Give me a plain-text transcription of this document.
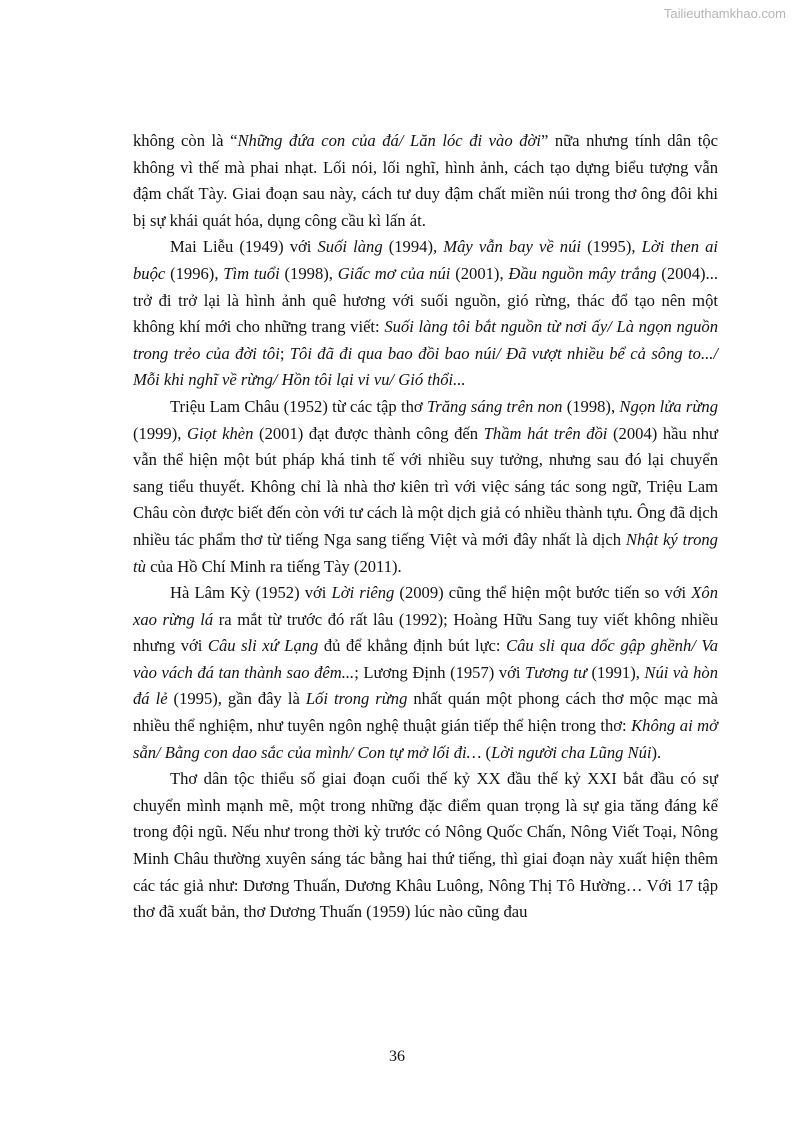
Tailieuthamkhao.com

không còn là “Những đứa con của đá/ Lăn lóc đi vào đời” nữa nhưng tính dân tộc không vì thế mà phai nhạt. Lối nói, lối nghĩ, hình ảnh, cách tạo dựng biểu tượng vẫn đậm chất Tày. Giai đoạn sau này, cách tư duy đậm chất miền núi trong thơ ông đôi khi bị sự khái quát hóa, dụng công cầu kì lấn át.

Mai Liễu (1949) với Suối làng (1994), Mây vẫn bay về núi (1995), Lời then ai buộc (1996), Tìm tuổi (1998), Giấc mơ của núi (2001), Đầu nguồn mây trắng (2004)... trở đi trở lại là hình ảnh quê hương với suối nguồn, gió rừng, thác đổ tạo nên một không khí mới cho những trang viết: Suối làng tôi bắt nguồn từ nơi ấy/ Là ngọn nguồn trong trẻo của đời tôi; Tôi đã đi qua bao đồi bao núi/ Đã vượt nhiều bể cả sông to.../ Mỗi khi nghĩ về rừng/ Hồn tôi lại vi vu/ Gió thổi...

Triệu Lam Châu (1952) từ các tập thơ Trăng sáng trên non (1998), Ngọn lửa rừng (1999), Giọt khèn (2001) đạt được thành công đến Thầm hát trên đồi (2004) hầu như vẫn thể hiện một bút pháp khá tinh tế với nhiều suy tưởng, nhưng sau đó lại chuyển sang tiểu thuyết. Không chỉ là nhà thơ kiên trì với việc sáng tác song ngữ, Triệu Lam Châu còn được biết đến còn với tư cách là một dịch giả có nhiều thành tựu. Ông đã dịch nhiều tác phẩm thơ từ tiếng Nga sang tiếng Việt và mới đây nhất là dịch Nhật ký trong tù của Hồ Chí Minh ra tiếng Tày (2011).

Hà Lâm Kỳ (1952) với Lời riêng (2009) cũng thể hiện một bước tiến so với Xôn xao rừng lá ra mắt từ trước đó rất lâu (1992); Hoàng Hữu Sang tuy viết không nhiều nhưng với Câu sli xứ Lạng đủ để khẳng định bút lực: Câu sli qua dốc gập ghềnh/ Va vào vách đá tan thành sao đêm...; Lương Định (1957) với Tương tư (1991), Núi và hòn đá lẻ (1995), gần đây là Lối trong rừng nhất quán một phong cách thơ mộc mạc mà nhiều thể nghiệm, như tuyên ngôn nghệ thuật gián tiếp thể hiện trong thơ: Không ai mở sẵn/ Bằng con dao sắc của mình/ Con tự mở lối đi… (Lời người cha Lũng Núi).

Thơ dân tộc thiểu số giai đoạn cuối thế kỷ XX đầu thế kỷ XXI bắt đầu có sự chuyển mình mạnh mẽ, một trong những đặc điểm quan trọng là sự gia tăng đáng kể trong đội ngũ. Nếu như trong thời kỳ trước có Nông Quốc Chấn, Nông Viết Toại, Nông Minh Châu thường xuyên sáng tác bằng hai thứ tiếng, thì giai đoạn này xuất hiện thêm các tác giả như: Dương Thuấn, Dương Khâu Luông, Nông Thị Tô Hường… Với 17 tập thơ đã xuất bản, thơ Dương Thuấn (1959) lúc nào cũng đau

36
